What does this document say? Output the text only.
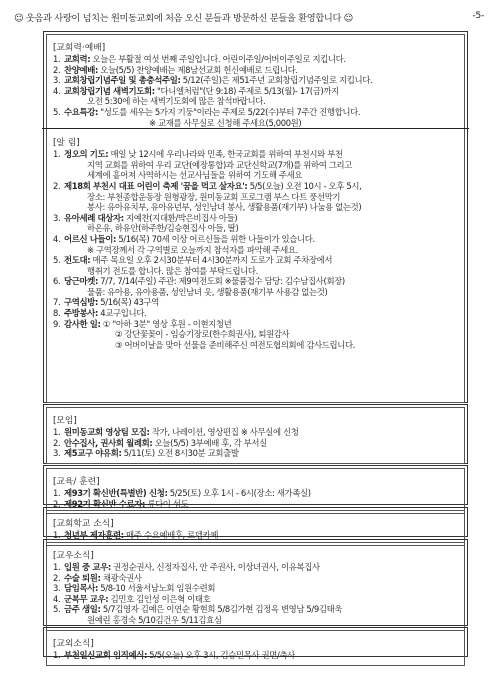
☺ 웃음과 사랑이 넘치는 원미동교회에 처음 오신 분들과 방문하신 분들을 환영합니다 ☺	-5-
[교회력·예배]
1. 교회력: 오늘은 부활절 여섯 번째 주일입니다. 어린이주일/어버이주일로 지킵니다.
2. 찬양예배: 오늘(5/5) 찬양예배는 제8남선교회 헌신예배로 드립니다.
3. 교회창립기념주일 및 총충석주일: 5/12(주일)은 제51주년 교회창립기념주일로 지킵니다.
4. 교회창립기념 새벽기도회: "다니엘처럼"(단 9:18) 주제로 5/13(월)- 17(금)까지
오전 5:30에 하는 새벽기도회에 많은 참석바랍니다.
5. 수요특강: "성도를 세우는 5가지 기둥"이라는 주제로 5/22(수)부터 7주간 진행합니다.
※ 교재를 사무실로 신청해 주세요(5,000원)
[알 림]
1. 정오의 기도: 매일 낮 12시에 우리나라와 민족, 한국교회를 위하여 부천시와 부천
지역 교회를 위하여 우리 교단(예장통합)과 교단신학교(7개)를 위하여 그리고
세계에 흩어져 사역하시는 선교사님들을 위하여 기도해 주세요
2. 제18회 부천시 대표 어린이 축제 '꿈을 먹고 살자요': 5/5(오늘) 오전 10시 - 오후 5시,
장소: 부천종합운동장 원형광장, 원미동교회 프로그램 부스 다트 풍선막기
봉사: 유아유치부, 유아유년부, 성인남녀 봉사, 생활용품(재기부) 나눔용 없는것)
3. 유아세례 대상자: 지예찬(지대환/박은비집사 아들)
하온유, 하유안(하주한/김승현집사 아들, 딸)
4. 어르신 나들이: 5/16(목) 70세 이상 어르신들을 위한 나들이가 있습니다.
※ 구역장께서 각 구역별로 오늘까지 참석자를 파악해 주세요.
5. 전도대: 매주 목요일 오후 2시30분부터 4시30분까지 도로가 교회 주차장에서
행취기 전도를 합니다. 많은 참여를 부탁드립니다.
6. 당근마켓: 7/7, 7/14(주일) 주관: 제9여전도회 ※물품접수 담당: 김수남집사(회장)
물품: 유아용, 유아용품, 성인남녀 옷, 생활용품(재기부 사용감 없는것)
7. 구역심방: 5/16(목) 43구역
8. 주방봉사: 4교구입니다.
9. 감사한 일: ① "아하 3분" 영상 후원 - 이현지청년
② 강단꽃꽂이 - 임승기장로(한수희권사), 퇴원감사
③ 어버이날을 맞아 선물을 준비해주신 여전도협의회에 감사드립니다.
[모임]
1. 원미동교회 영상팀 모집: 작가, 나레이션, 영상편집 ※ 사무실에 신청
2. 안수집사, 권사회 월례회: 오늘(5/5) 3부예배 후, 각 부서실
3. 제5교구 야유회: 5/11(토) 오전 8시30분 교회출발
[교육/ 훈련]
1. 제93기 확신반(특별반) 신청: 5/25(토) 오후 1시 - 6시(장소: 새가족실)
2. 제92기 확신반 수료자: 류다이 성도
[교회학교 소식]
1. 청년부 제자훈련: 매주 수요예배후, 로뎀카페
[교우소식]
1. 입원 중 교우: 권정순권사, 신정자집사, 안 주권사, 이상녀권사, 이유복집사
2. 수술 퇴원: 채광숙권사
3. 담임목사: 5/8-10 서울서남노회 임원수련회
4. 군복무 교우: 김민호 김인성 이은혁 이태호
5. 금주 생일: 5/7김영자 김예은 이연순 황현희 5/8김가현 김정옥 변영남 5/9김태욱
원예린 홍경숙 5/10김건우 5/11김효심
[교외소식]
1. 부천일신교회 임직예식: 5/5(오늘) 오후 3시, 김승민목사 권면/축사
